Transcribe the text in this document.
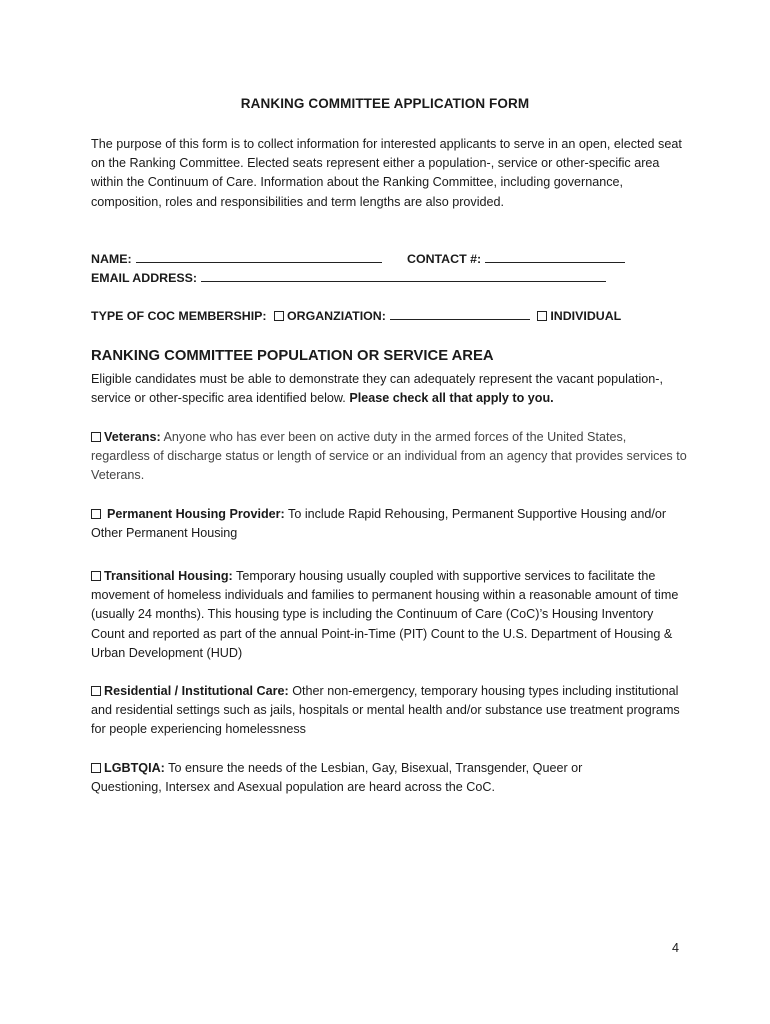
RANKING COMMITTEE APPLICATION FORM
The purpose of this form is to collect information for interested applicants to serve in an open, elected seat on the Ranking Committee. Elected seats represent either a population-, service or other-specific area within the Continuum of Care. Information about the Ranking Committee, including governance, composition, roles and responsibilities and term lengths are also provided.
NAME:	CONTACT #:
EMAIL ADDRESS:
TYPE OF COC MEMBERSHIP: ORGANZIATION:	INDIVIDUAL
RANKING COMMITTEE POPULATION OR SERVICE AREA
Eligible candidates must be able to demonstrate they can adequately represent the vacant population-, service or other-specific area identified below. Please check all that apply to you.
Veterans: Anyone who has ever been on active duty in the armed forces of the United States, regardless of discharge status or length of service or an individual from an agency that provides services to Veterans.
Permanent Housing Provider: To include Rapid Rehousing, Permanent Supportive Housing and/or Other Permanent Housing
Transitional Housing: Temporary housing usually coupled with supportive services to facilitate the movement of homeless individuals and families to permanent housing within a reasonable amount of time (usually 24 months). This housing type is including the Continuum of Care (CoC)’s Housing Inventory Count and reported as part of the annual Point-in-Time (PIT) Count to the U.S. Department of Housing & Urban Development (HUD)
Residential / Institutional Care: Other non-emergency, temporary housing types including institutional and residential settings such as jails, hospitals or mental health and/or substance use treatment programs for people experiencing homelessness
LGBTQIA: To ensure the needs of the Lesbian, Gay, Bisexual, Transgender, Queer or Questioning, Intersex and Asexual population are heard across the CoC.
4
